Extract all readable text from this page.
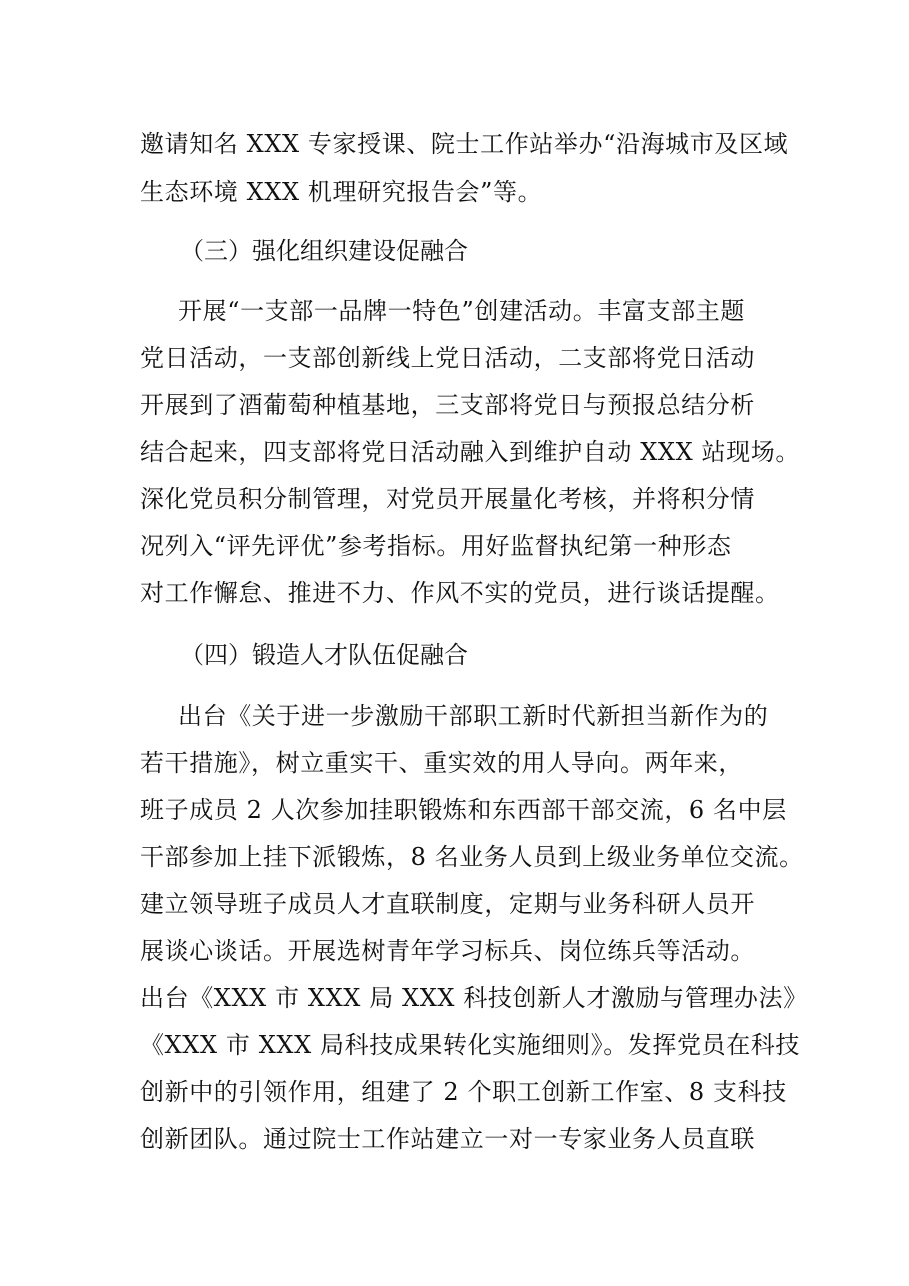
邀请知名 XXX 专家授课、院士工作站举办“沿海城市及区域
生态环境 XXX 机理研究报告会”等。
（三）强化组织建设促融合
开展“一支部一品牌一特色”创建活动。丰富支部主题
党日活动，一支部创新线上党日活动，二支部将党日活动
开展到了酒葡萄种植基地，三支部将党日与预报总结分析
结合起来，四支部将党日活动融入到维护自动 XXX 站现场。
深化党员积分制管理，对党员开展量化考核，并将积分情
况列入“评先评优”参考指标。用好监督执纪第一种形态
对工作懈怠、推进不力、作风不实的党员，进行谈话提醒。
（四）锻造人才队伍促融合
出台《关于进一步激励干部职工新时代新担当新作为的
若干措施》，树立重实干、重实效的用人导向。两年来，
班子成员 2 人次参加挂职锻炼和东西部干部交流，6 名中层
干部参加上挂下派锻炼，8 名业务人员到上级业务单位交流。
建立领导班子成员人才直联制度，定期与业务科研人员开
展谈心谈话。开展选树青年学习标兵、岗位练兵等活动。
出台《XXX 市 XXX 局 XXX 科技创新人才激励与管理办法》
《XXX 市 XXX 局科技成果转化实施细则》。发挥党员在科技
创新中的引领作用，组建了 2 个职工创新工作室、8 支科技
创新团队。通过院士工作站建立一对一专家业务人员直联
